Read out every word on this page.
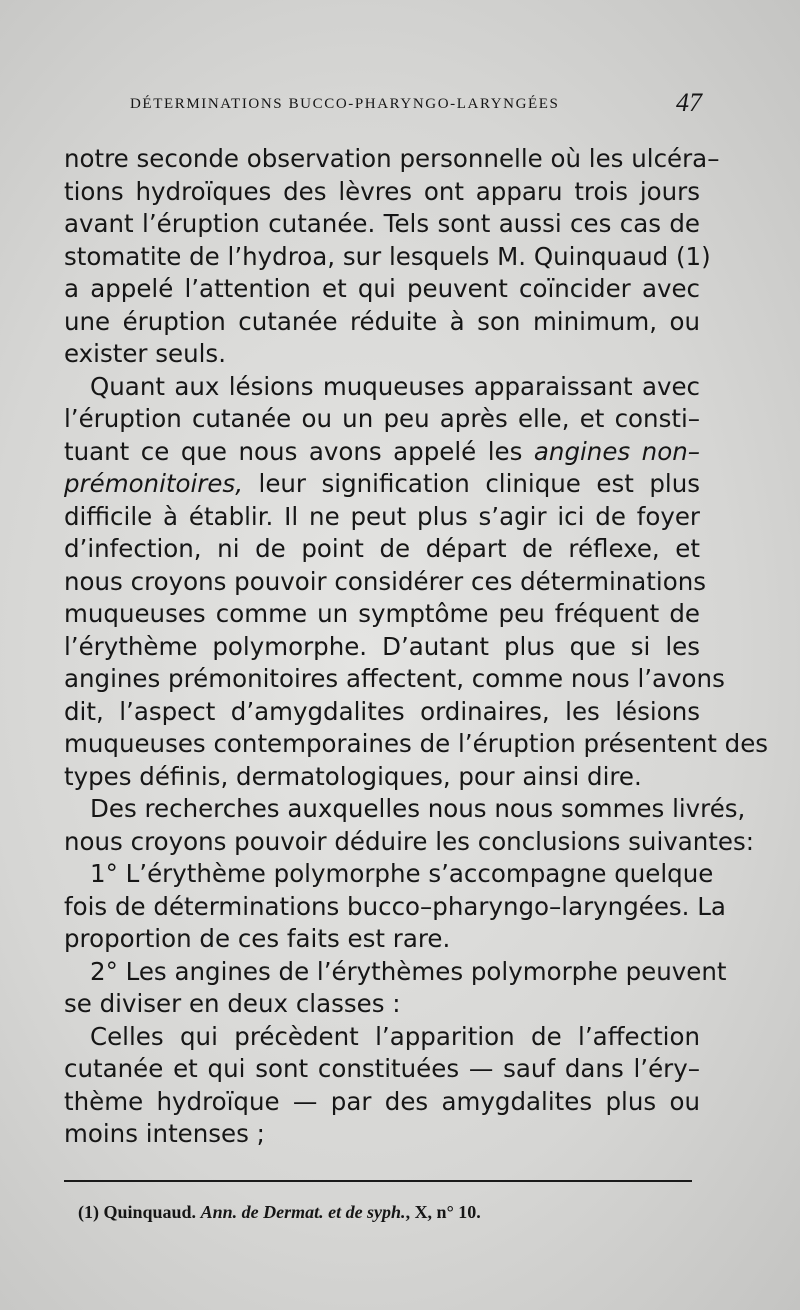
DÉTERMINATIONS BUCCO-PHARYNGO-LARYNGÉES	47
notre seconde observation personnelle où les ulcéra–
tions hydroïques des lèvres ont apparu trois jours
avant l’éruption cutanée. Tels sont aussi ces cas de
stomatite de l’hydroa, sur lesquels M. Quinquaud (1)
a appelé l’attention et qui peuvent coïncider avec
une éruption cutanée réduite à son minimum, ou
exister seuls.
Quant aux lésions muqueuses apparaissant avec
l’éruption cutanée ou un peu après elle, et consti–
tuant ce que nous avons appelé les angines non–
prémonitoires, leur signification clinique est plus
difficile à établir. Il ne peut plus s’agir ici de foyer
d’infection, ni de point de départ de réflexe, et
nous croyons pouvoir considérer ces déterminations
muqueuses comme un symptôme peu fréquent de
l’érythème polymorphe. D’autant plus que si les
angines prémonitoires affectent, comme nous l’avons
dit, l’aspect d’amygdalites ordinaires, les lésions
muqueuses contemporaines de l’éruption présentent des
types définis, dermatologiques, pour ainsi dire.
Des recherches auxquelles nous nous sommes livrés,
nous croyons pouvoir déduire les conclusions suivantes:
1° L’érythème polymorphe s’accompagne quelque
fois de déterminations bucco–pharyngo–laryngées. La
proportion de ces faits est rare.
2° Les angines de l’érythèmes polymorphe peuvent
se diviser en deux classes :
Celles qui précèdent l’apparition de l’affection
cutanée et qui sont constituées — sauf dans l’éry–
thème hydroïque — par des amygdalites plus ou
moins intenses ;
(1) Quinquaud. Ann. de Dermat. et de syph., X, n° 10.
